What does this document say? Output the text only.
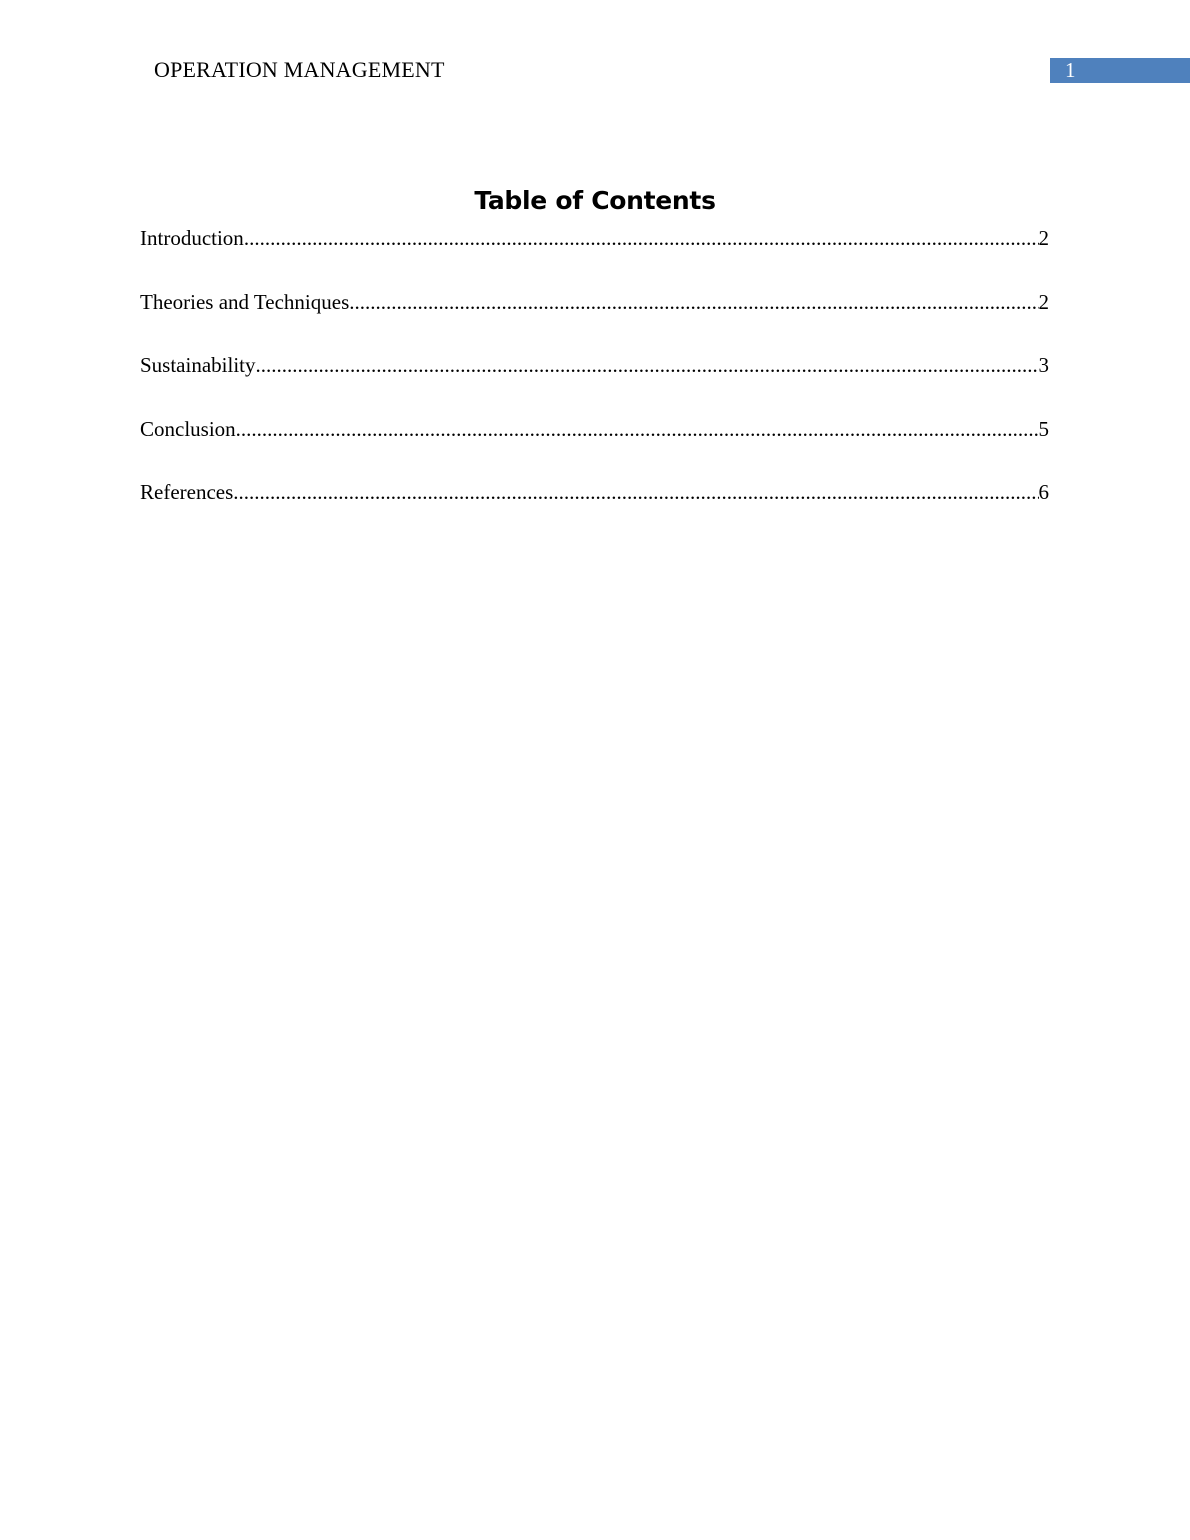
OPERATION MANAGEMENT	1
Table of Contents
Introduction .....	2
Theories and Techniques .....	2
Sustainability .....	3
Conclusion .....	5
References .....	6
